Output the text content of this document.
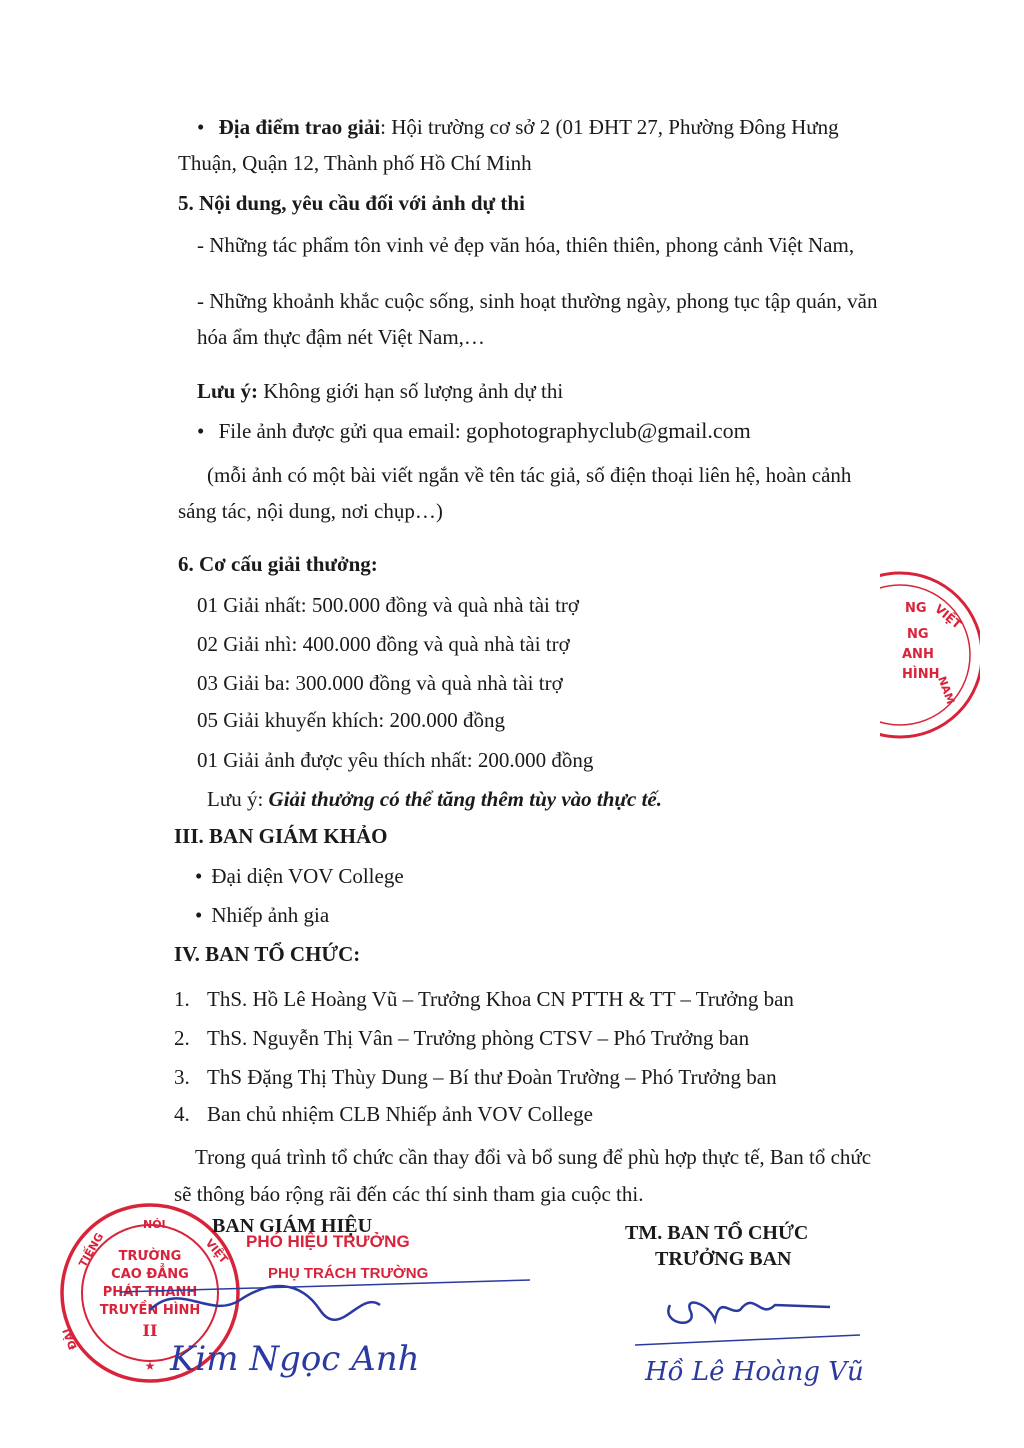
• Địa điểm trao giải: Hội trường cơ sở 2 (01 ĐHT 27, Phường Đông Hưng
Thuận, Quận 12, Thành phố Hồ Chí Minh
5. Nội dung, yêu cầu đối với ảnh dự thi
- Những tác phẩm tôn vinh vẻ đẹp văn hóa, thiên thiên, phong cảnh Việt Nam,
- Những khoảnh khắc cuộc sống, sinh hoạt thường ngày, phong tục tập quán, văn
hóa ẩm thực đậm nét Việt Nam,…
Lưu ý: Không giới hạn số lượng ảnh dự thi
• File ảnh được gửi qua email: gophotographyclub@gmail.com
(mỗi ảnh có một bài viết ngắn về tên tác giả, số điện thoại liên hệ, hoàn cảnh
sáng tác, nội dung, nơi chụp…)
6. Cơ cấu giải thưởng:
01 Giải nhất: 500.000 đồng và quà nhà tài trợ
02 Giải nhì: 400.000 đồng và quà nhà tài trợ
03 Giải ba: 300.000 đồng và quà nhà tài trợ
05 Giải khuyến khích: 200.000 đồng
01 Giải ảnh được yêu thích nhất: 200.000 đồng
Lưu ý: Giải thưởng có thể tăng thêm tùy vào thực tế.
III. BAN GIÁM KHẢO
• Đại diện VOV College
• Nhiếp ảnh gia
IV. BAN TỔ CHỨC:
1. ThS. Hồ Lê Hoàng Vũ – Trưởng Khoa CN PTTH & TT – Trưởng ban
2. ThS. Nguyễn Thị Vân – Trưởng phòng CTSV – Phó Trưởng ban
3. ThS Đặng Thị Thùy Dung – Bí thư Đoàn Trường – Phó Trưởng ban
4. Ban chủ nhiệm CLB Nhiếp ảnh VOV College
Trong quá trình tổ chức cần thay đổi và bổ sung để phù hợp thực tế, Ban tổ chức
sẽ thông báo rộng rãi đến các thí sinh tham gia cuộc thi.
NG VIỆT
NG
ANH
HÌNH
NAM
NÓI
TIẾNG	VIỆT
TRƯỜNG
CAO ĐẲNG
PHÁT THANH
TRUYỀN HÌNH
II
ĐÀI
★
BAN GIÁM HIỆU
PHÓ HIỆU TRƯỞNG
PHỤ TRÁCH TRƯỜNG
Kim Ngọc Anh
TM. BAN TỔ CHỨC
TRƯỞNG BAN
Hồ Lê Hoàng Vũ
